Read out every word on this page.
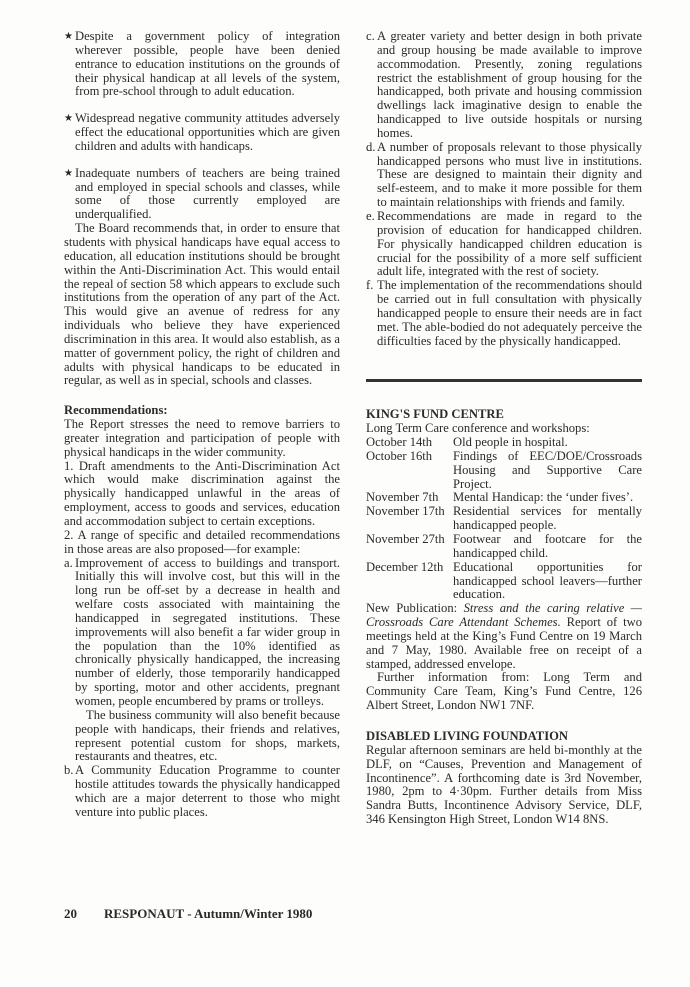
★ Despite a government policy of integration wherever possible, people have been denied entrance to education institutions on the grounds of their physical handicap at all levels of the system, from pre-school through to adult education.

★ Widespread negative community attitudes adversely effect the educational opportunities which are given children and adults with handicaps.

★ Inadequate numbers of teachers are being trained and employed in special schools and classes, while some of those currently employed are underqualified.

The Board recommends that, in order to ensure that students with physical handicaps have equal access to education, all education institutions should be brought within the Anti-Discrimination Act. This would entail the repeal of section 58 which appears to exclude such institutions from the operation of any part of the Act. This would give an avenue of redress for any individuals who believe they have experienced discrimination in this area. It would also establish, as a matter of government policy, the right of children and adults with physical handicaps to be educated in regular, as well as in special, schools and classes.

Recommendations:

The Report stresses the need to remove barriers to greater integration and participation of people with physical handicaps in the wider community.

1. Draft amendments to the Anti-Discrimination Act which would make discrimination against the physically handicapped unlawful in the areas of employment, access to goods and services, education and accommodation subject to certain exceptions.

2. A range of specific and detailed recommendations in those areas are also proposed—for example:

a. Improvement of access to buildings and transport. Initially this will involve cost, but this will in the long run be off-set by a decrease in health and welfare costs associated with maintaining the handicapped in segregated institutions. These improvements will also benefit a far wider group in the population than the 10% identified as chronically physically handicapped, the increasing number of elderly, those temporarily handicapped by sporting, motor and other accidents, pregnant women, people encumbered by prams or trolleys.

The business community will also benefit because people with handicaps, their friends and relatives, represent potential custom for shops, markets, restaurants and theatres, etc.

b. A Community Education Programme to counter hostile attitudes towards the physically handicapped which are a major deterrent to those who might venture into public places.

c. A greater variety and better design in both private and group housing be made available to improve accommodation. Presently, zoning regulations restrict the establishment of group housing for the handicapped, both private and housing commission dwellings lack imaginative design to enable the handicapped to live outside hospitals or nursing homes.

d. A number of proposals relevant to those physically handicapped persons who must live in institutions. These are designed to maintain their dignity and self-esteem, and to make it more possible for them to maintain relationships with friends and family.

e. Recommendations are made in regard to the provision of education for handicapped children. For physically handicapped children education is crucial for the possibility of a more self sufficient adult life, integrated with the rest of society.

f. The implementation of the recommendations should be carried out in full consultation with physically handicapped people to ensure their needs are in fact met. The able-bodied do not adequately perceive the difficulties faced by the physically handicapped.

KING'S FUND CENTRE

Long Term Care conference and workshops:

October 14th	Old people in hospital.
October 16th	Findings of EEC/DOE/Crossroads Housing and Supportive Care Project.
November 7th	Mental Handicap: the ‘under fives’.
November 17th	Residential services for mentally handicapped people.
November 27th	Footwear and footcare for the handicapped child.
December 12th	Educational opportunities for handicapped school leavers—further education.

New Publication: Stress and the caring relative — Crossroads Care Attendant Schemes. Report of two meetings held at the King’s Fund Centre on 19 March and 7 May, 1980. Available free on receipt of a stamped, addressed envelope.

Further information from: Long Term and Community Care Team, King’s Fund Centre, 126 Albert Street, London NW1 7NF.

DISABLED LIVING FOUNDATION

Regular afternoon seminars are held bi-monthly at the DLF, on “Causes, Prevention and Management of Incontinence”. A forthcoming date is 3rd November, 1980, 2pm to 4·30pm. Further details from Miss Sandra Butts, Incontinence Advisory Service, DLF, 346 Kensington High Street, London W14 8NS.

20 RESPONAUT - Autumn/Winter 1980
